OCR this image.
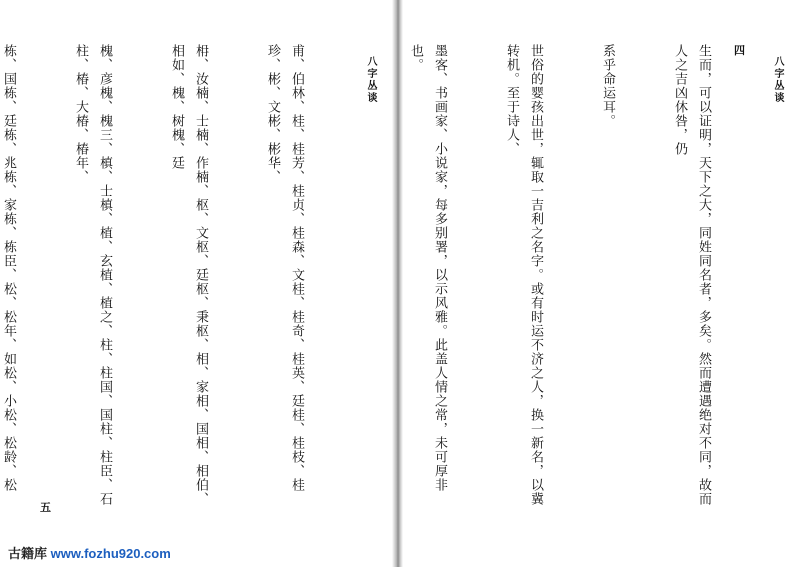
八字丛谈

甫、伯林、桂、桂芳、桂贞、桂森、文桂、桂奇、桂英、廷桂、桂枝、桂珍、彬、文彬、彬华、

枏、汝楠、士楠、作楠、枢、文枢、廷枢、秉枢、相、家相、国相、相伯、相如、槐、树槐、廷

槐、彦槐、槐三、槙、士槙、植、玄植、植之、柱、柱国、国柱、柱臣、石柱、椿、大椿、椿年、

栋、国栋、廷栋、兆栋、家栋、栋臣、松、松年、如松、小松、松龄、松

五
八字丛谈

生而，可以证明，天下之大，同姓同名者，多矣。然而遭遇绝对不同，故而人之吉凶休咎，仍

系乎命运耳。

世俗的婴孩出世，辄取一吉利之名字。或有时运不济之人，换一新名，以冀转机。至于诗人、

墨客、书画家、小说家，每多别署，以示风雅。此盖人情之常，未可厚非也。

	四
古籍库 www.fozhu920.com
